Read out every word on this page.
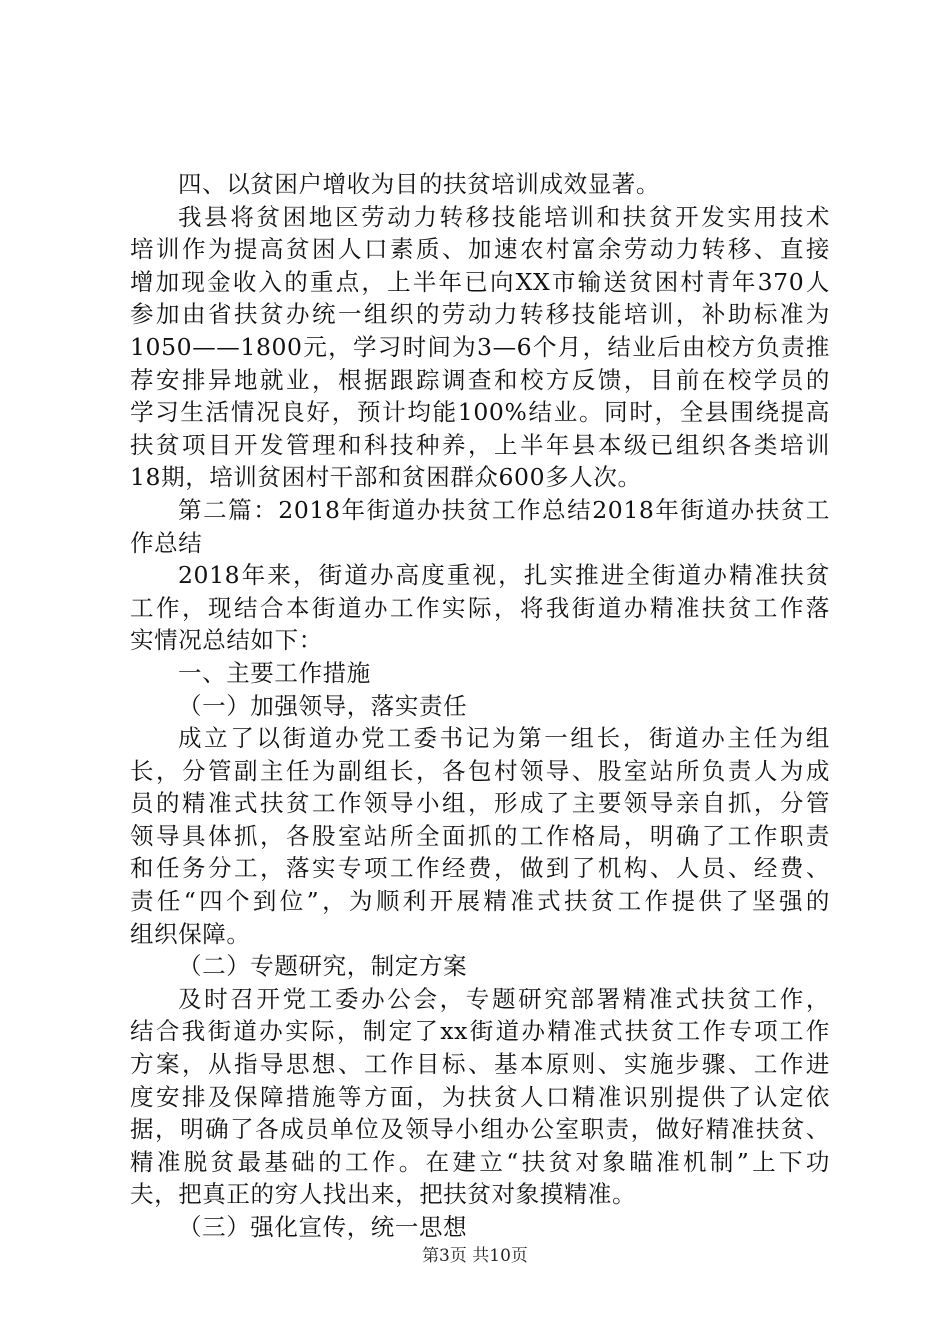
四、以贫困户增收为目的扶贫培训成效显著。
我县将贫困地区劳动力转移技能培训和扶贫开发实用技术
培训作为提高贫困人口素质、加速农村富余劳动力转移、直接
增加现金收入的重点，上半年已向XX市输送贫困村青年370人
参加由省扶贫办统一组织的劳动力转移技能培训，补助标准为
1050——1800元，学习时间为3—6个月，结业后由校方负责推
荐安排异地就业，根据跟踪调查和校方反馈，目前在校学员的
学习生活情况良好，预计均能100%结业。同时，全县围绕提高
扶贫项目开发管理和科技种养，上半年县本级已组织各类培训
18期，培训贫困村干部和贫困群众600多人次。
第二篇：2018年街道办扶贫工作总结2018年街道办扶贫工
作总结
2018年来，街道办高度重视，扎实推进全街道办精准扶贫
工作，现结合本街道办工作实际，将我街道办精准扶贫工作落
实情况总结如下：
一、主要工作措施
（一）加强领导，落实责任
成立了以街道办党工委书记为第一组长，街道办主任为组
长，分管副主任为副组长，各包村领导、股室站所负责人为成
员的精准式扶贫工作领导小组，形成了主要领导亲自抓，分管
领导具体抓，各股室站所全面抓的工作格局，明确了工作职责
和任务分工，落实专项工作经费，做到了机构、人员、经费、
责任“四个到位”，为顺利开展精准式扶贫工作提供了坚强的
组织保障。
（二）专题研究，制定方案
及时召开党工委办公会，专题研究部署精准式扶贫工作，
结合我街道办实际，制定了xx街道办精准式扶贫工作专项工作
方案，从指导思想、工作目标、基本原则、实施步骤、工作进
度安排及保障措施等方面，为扶贫人口精准识别提供了认定依
据，明确了各成员单位及领导小组办公室职责，做好精准扶贫、
精准脱贫最基础的工作。在建立“扶贫对象瞄准机制”上下功
夫，把真正的穷人找出来，把扶贫对象摸精准。
（三）强化宣传，统一思想
第3页 共10页
